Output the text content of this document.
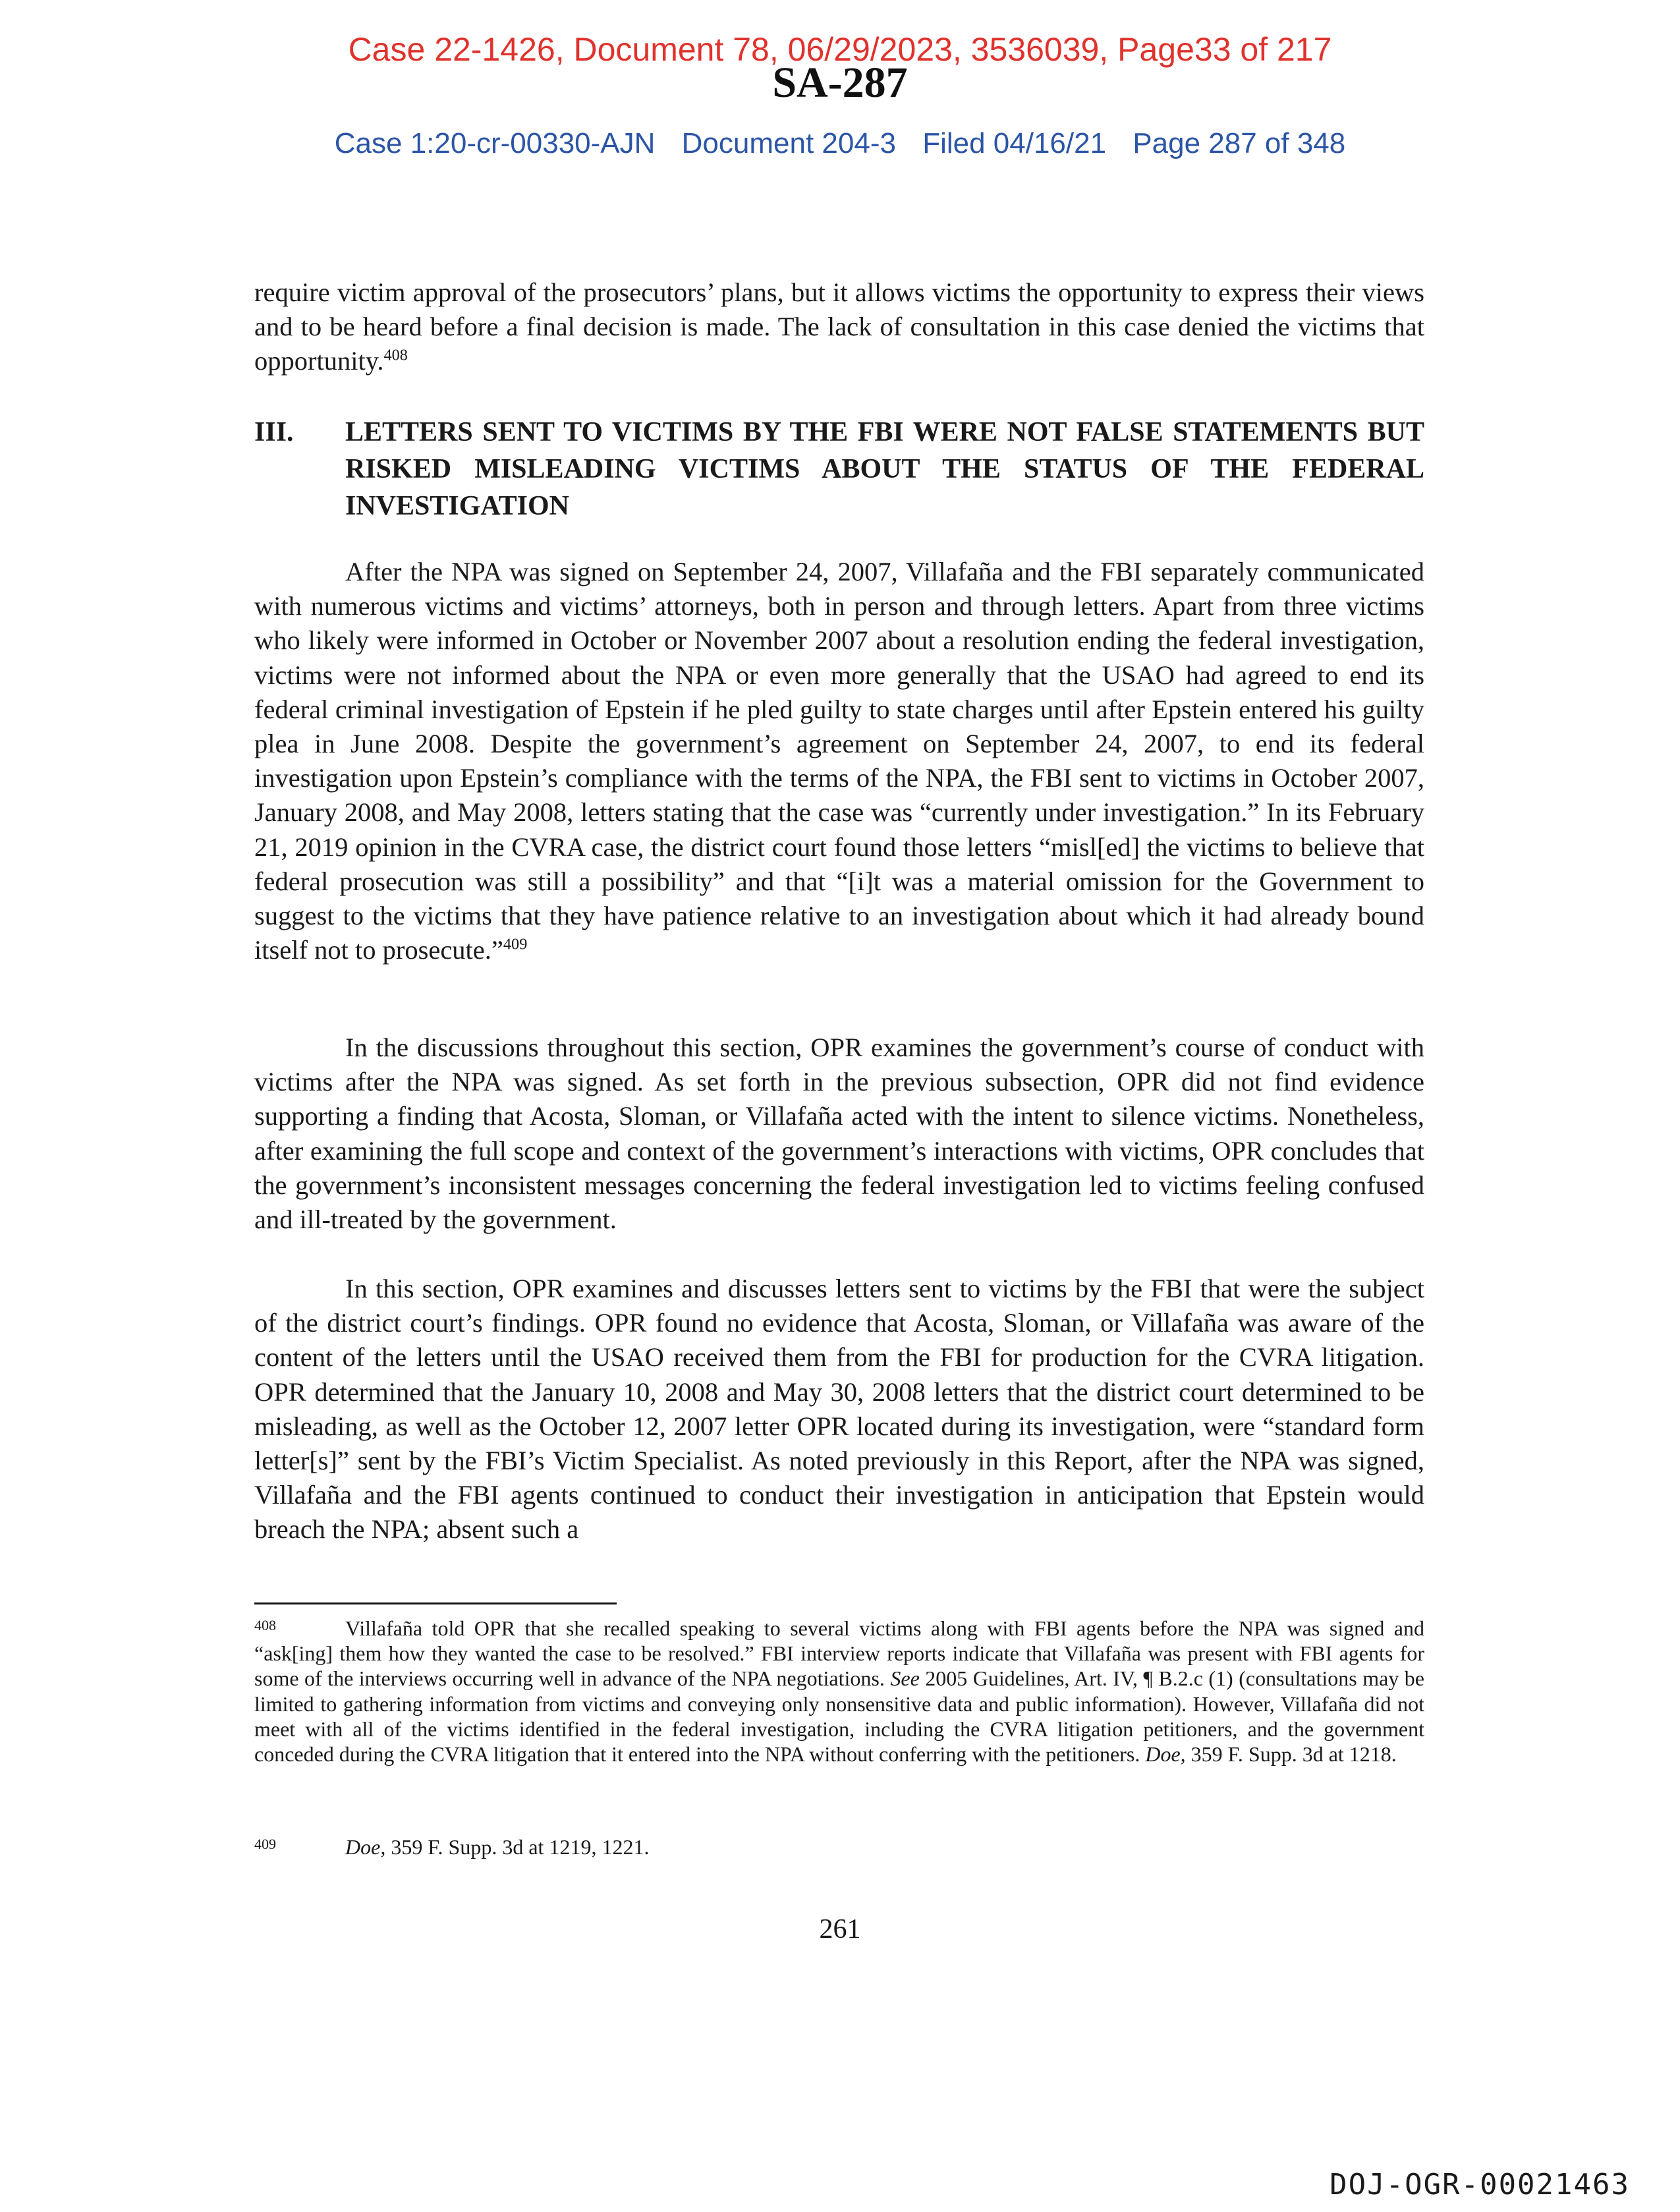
Case 22-1426, Document 78, 06/29/2023, 3536039, Page33 of 217
SA-287
Case 1:20-cr-00330-AJN Document 204-3 Filed 04/16/21 Page 287 of 348

require victim approval of the prosecutors’ plans, but it allows victims the opportunity to express their views and to be heard before a final decision is made. The lack of consultation in this case denied the victims that opportunity.$^{408}$

III. LETTERS SENT TO VICTIMS BY THE FBI WERE NOT FALSE STATEMENTS BUT RISKED MISLEADING VICTIMS ABOUT THE STATUS OF THE FEDERAL INVESTIGATION

After the NPA was signed on September 24, 2007, Villafaña and the FBI separately communicated with numerous victims and victims’ attorneys, both in person and through letters. Apart from three victims who likely were informed in October or November 2007 about a resolution ending the federal investigation, victims were not informed about the NPA or even more generally that the USAO had agreed to end its federal criminal investigation of Epstein if he pled guilty to state charges until after Epstein entered his guilty plea in June 2008. Despite the government’s agreement on September 24, 2007, to end its federal investigation upon Epstein’s compliance with the terms of the NPA, the FBI sent to victims in October 2007, January 2008, and May 2008, letters stating that the case was “currently under investigation.” In its February 21, 2019 opinion in the CVRA case, the district court found those letters “misl[ed] the victims to believe that federal prosecution was still a possibility” and that “[i]t was a material omission for the Government to suggest to the victims that they have patience relative to an investigation about which it had already bound itself not to prosecute.”$^{409}$

In the discussions throughout this section, OPR examines the government’s course of conduct with victims after the NPA was signed. As set forth in the previous subsection, OPR did not find evidence supporting a finding that Acosta, Sloman, or Villafaña acted with the intent to silence victims. Nonetheless, after examining the full scope and context of the government’s interactions with victims, OPR concludes that the government’s inconsistent messages concerning the federal investigation led to victims feeling confused and ill-treated by the government.

In this section, OPR examines and discusses letters sent to victims by the FBI that were the subject of the district court’s findings. OPR found no evidence that Acosta, Sloman, or Villafaña was aware of the content of the letters until the USAO received them from the FBI for production for the CVRA litigation. OPR determined that the January 10, 2008 and May 30, 2008 letters that the district court determined to be misleading, as well as the October 12, 2007 letter OPR located during its investigation, were “standard form letter[s]” sent by the FBI’s Victim Specialist. As noted previously in this Report, after the NPA was signed, Villafaña and the FBI agents continued to conduct their investigation in anticipation that Epstein would breach the NPA; absent such a

408	Villafaña told OPR that she recalled speaking to several victims along with FBI agents before the NPA was signed and “ask[ing] them how they wanted the case to be resolved.” FBI interview reports indicate that Villafaña was present with FBI agents for some of the interviews occurring well in advance of the NPA negotiations. See 2005 Guidelines, Art. IV, ¶ B.2.c (1) (consultations may be limited to gathering information from victims and conveying only nonsensitive data and public information). However, Villafaña did not meet with all of the victims identified in the federal investigation, including the CVRA litigation petitioners, and the government conceded during the CVRA litigation that it entered into the NPA without conferring with the petitioners. Doe, 359 F. Supp. 3d at 1218.

409	Doe, 359 F. Supp. 3d at 1219, 1221.

261
DOJ-OGR-00021463
